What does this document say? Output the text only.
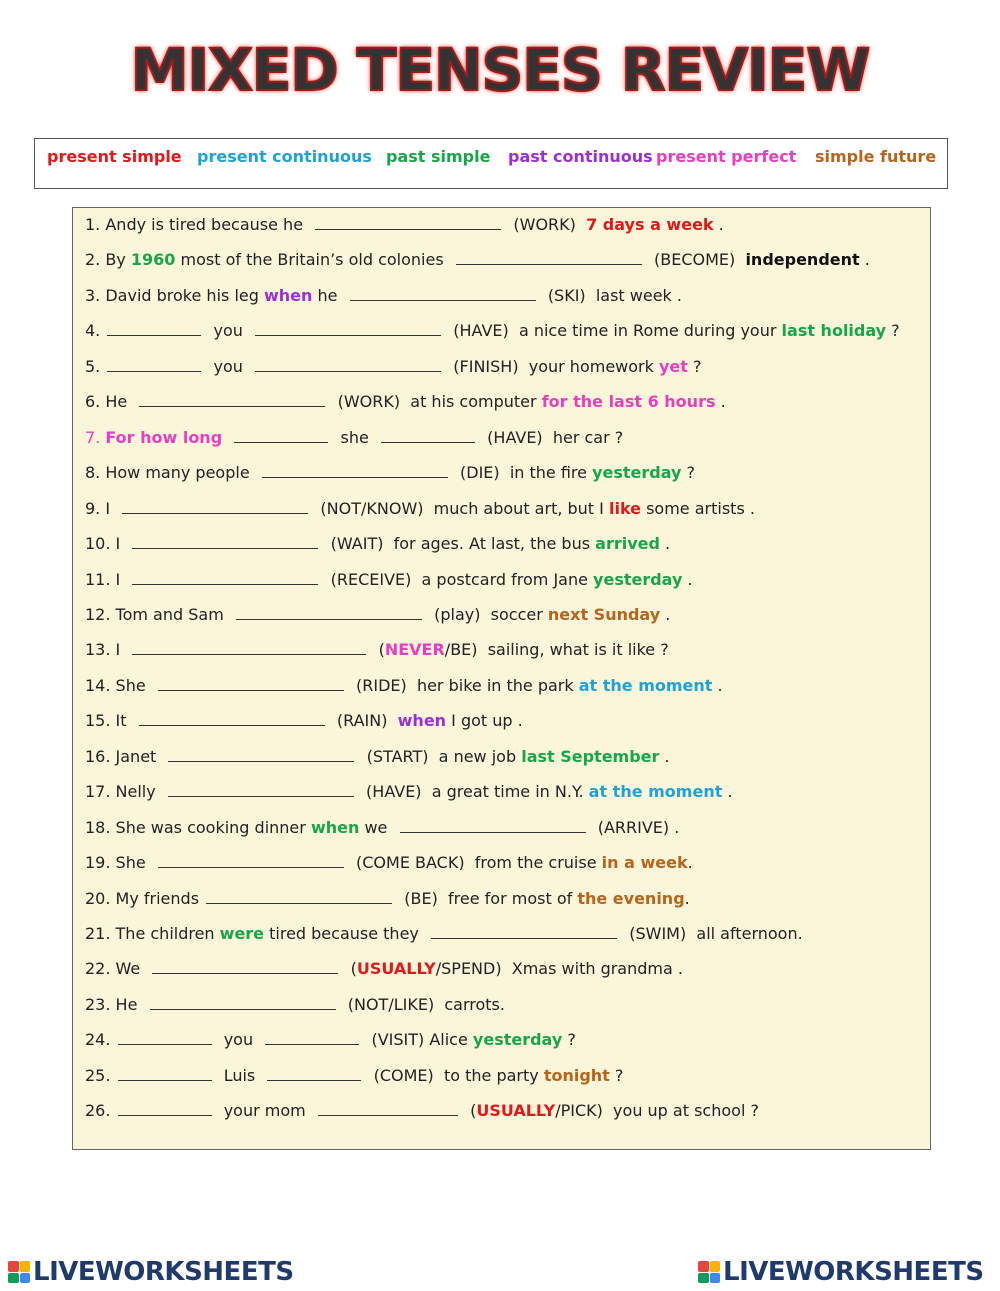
MIXED TENSES REVIEW
present simple present continuous past simple past continuous present perfect simple future
1. Andy is tired because he	(WORK)  7 days a week .
2. By 1960 most of the Britain’s old colonies	(BECOME)  independent .
3. David broke his leg when he	(SKI)  last week .
4.	you	(HAVE)  a nice time in Rome during your last holiday ?
5.	you	(FINISH)  your homework yet ?
6. He	(WORK)  at his computer for the last 6 hours .
7. For how long	she	(HAVE)  her car ?
8. How many people	(DIE)  in the fire yesterday ?
9. I	(NOT/KNOW)  much about art, but I like some artists .
10. I	(WAIT)  for ages. At last, the bus arrived .
11. I	(RECEIVE)  a postcard from Jane yesterday .
12. Tom and Sam	(play)  soccer next Sunday .
13. I	(NEVER/BE)  sailing, what is it like ?
14. She	(RIDE)  her bike in the park at the moment .
15. It	(RAIN)  when I got up .
16. Janet	(START)  a new job last September .
17. Nelly	(HAVE)  a great time in N.Y. at the moment .
18. She was cooking dinner when we	(ARRIVE) .
19. She	(COME BACK)  from the cruise in a week.
20. My friends	(BE)  free for most of the evening.
21. The children were tired because they	(SWIM)  all afternoon.
22. We	(USUALLY/SPEND)  Xmas with grandma .
23. He	(NOT/LIKE)  carrots.
24.	you	(VISIT) Alice yesterday ?
25.	Luis	(COME)  to the party tonight ?
26.	your mom	(USUALLY/PICK)  you up at school ?
LIVEWORKSHEETS	LIVEWORKSHEETS
